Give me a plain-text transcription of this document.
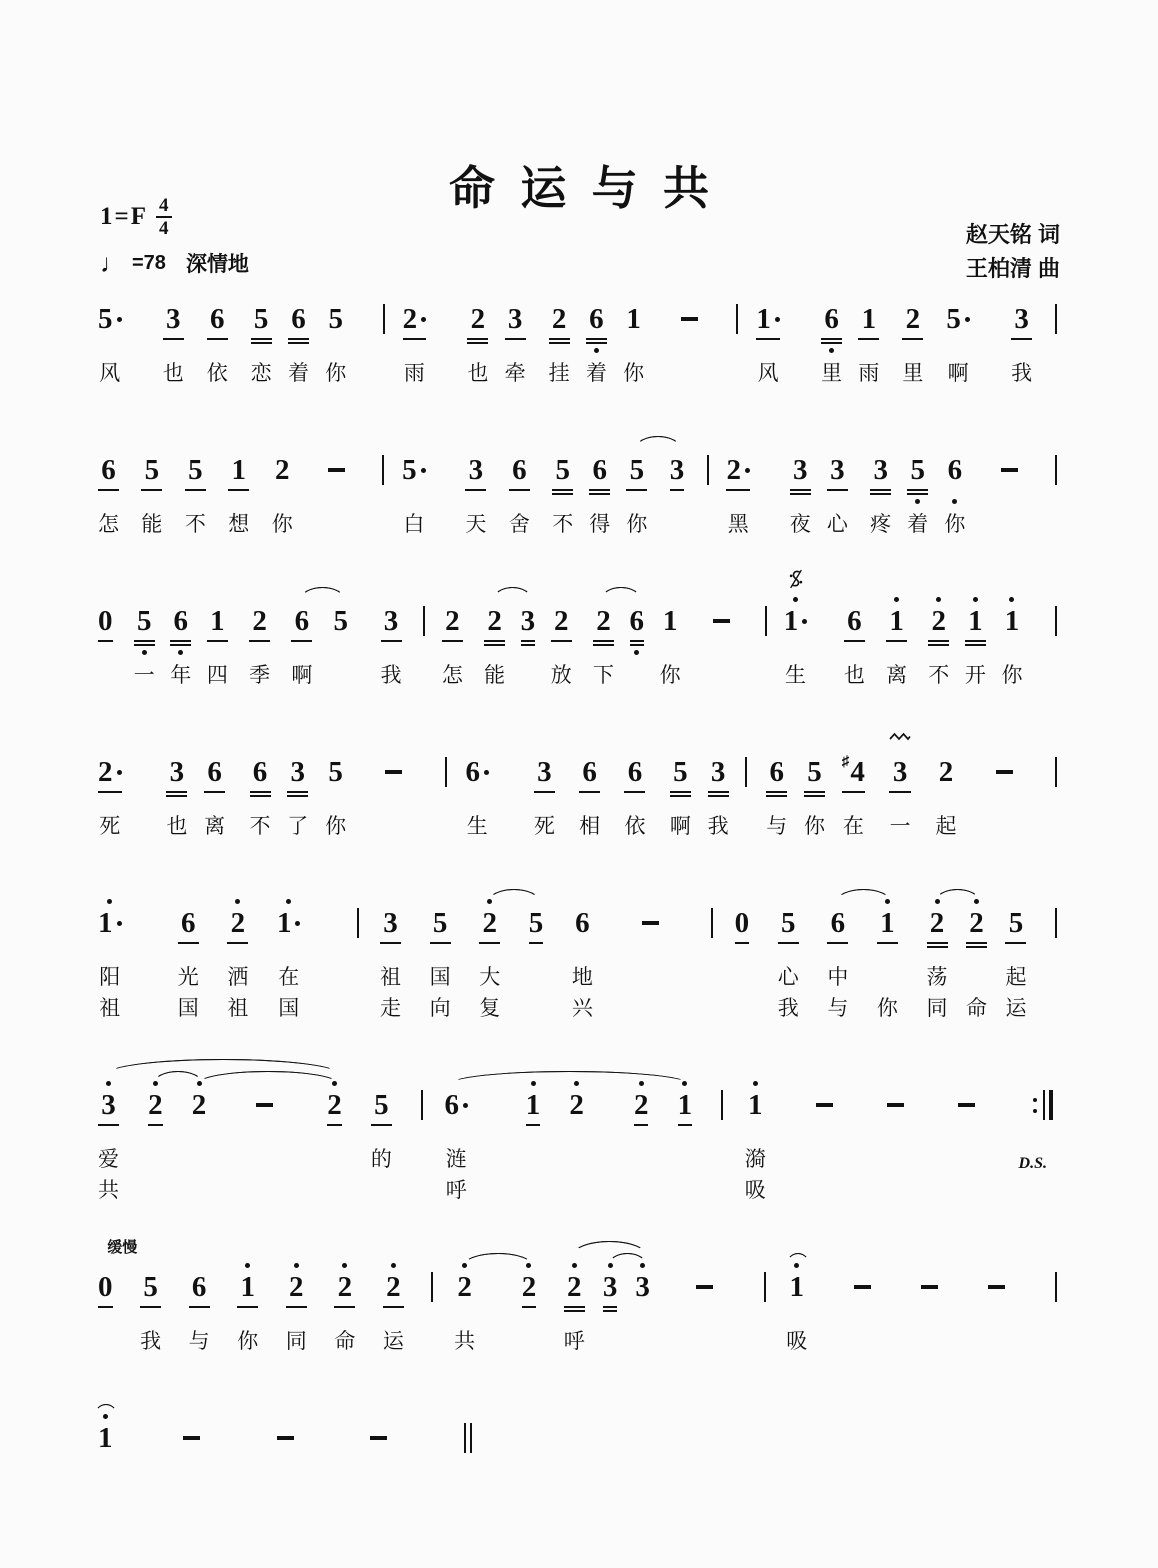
命运与共
$1=F \frac{4}{4}$
♩ =78 深情地
赵天铭 词
王柏清 曲
5
风
3
也
6
依
5
恋
6
着
5
你
2
雨
2
也
3
牵
2
挂
6
着
1
你
1
风
6
里
1
雨
2
里
5
啊
3
我
6
怎
5
能
5
不
1
想
2
你
5
白
3
天
6
舍
5
不
6
得
5
你
3 2
黑
3
夜
3
心
3
疼
5
着
6
你
0 5
一
6
年
1
四
2
季
6
啊
5 3
我
2
怎
2
能
3 2
放
2
下
6 1
你
1
生
6
也
1
离
2
不
1
开
1
你
2
死
3
也
6
离
6
不
3
了
5
你
6
生
3
死
6
相
6
依
5
啊
3
我
6
与
5
你
♯ 4
在
3
一
2
起
1
阳
祖
6
光
国
2
洒
祖
1
在
国
3
祖
走
5
国
向
2
大
复
5 6
地
兴
0 5
心
我
6
中
与
1
你
2
荡
同
2
命
5
起
运
3
爱
共
2 2	2 5
的
6
涟
呼
1 2 2 1 1
漪
吸
D.S.
缓慢
0 5
我
6
与
1
你
2
同
2
命
2
运
2
共
2 2
呼
3 3	1
吸
1
